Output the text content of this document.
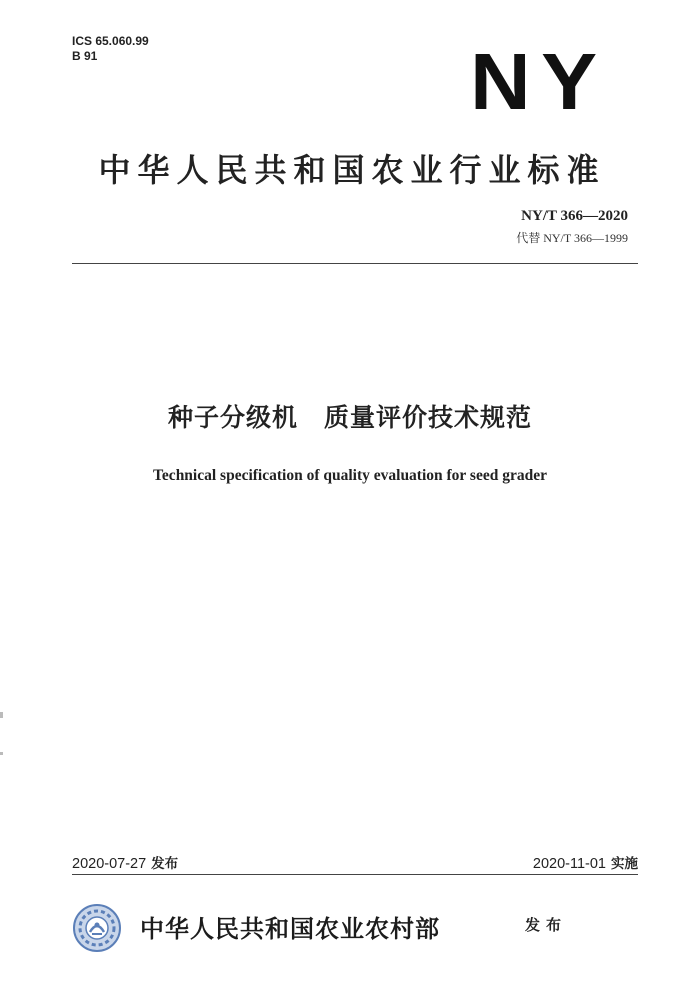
ICS 65.060.99
B 91	NY
中华人民共和国农业行业标准
NY/T 366—2020
代替 NY/T 366—1999
种子分级机　质量评价技术规范
Technical specification of quality evaluation for seed grader
2020-07-27 发布	2020-11-01 实施
中华人民共和国农业农村部	发布
